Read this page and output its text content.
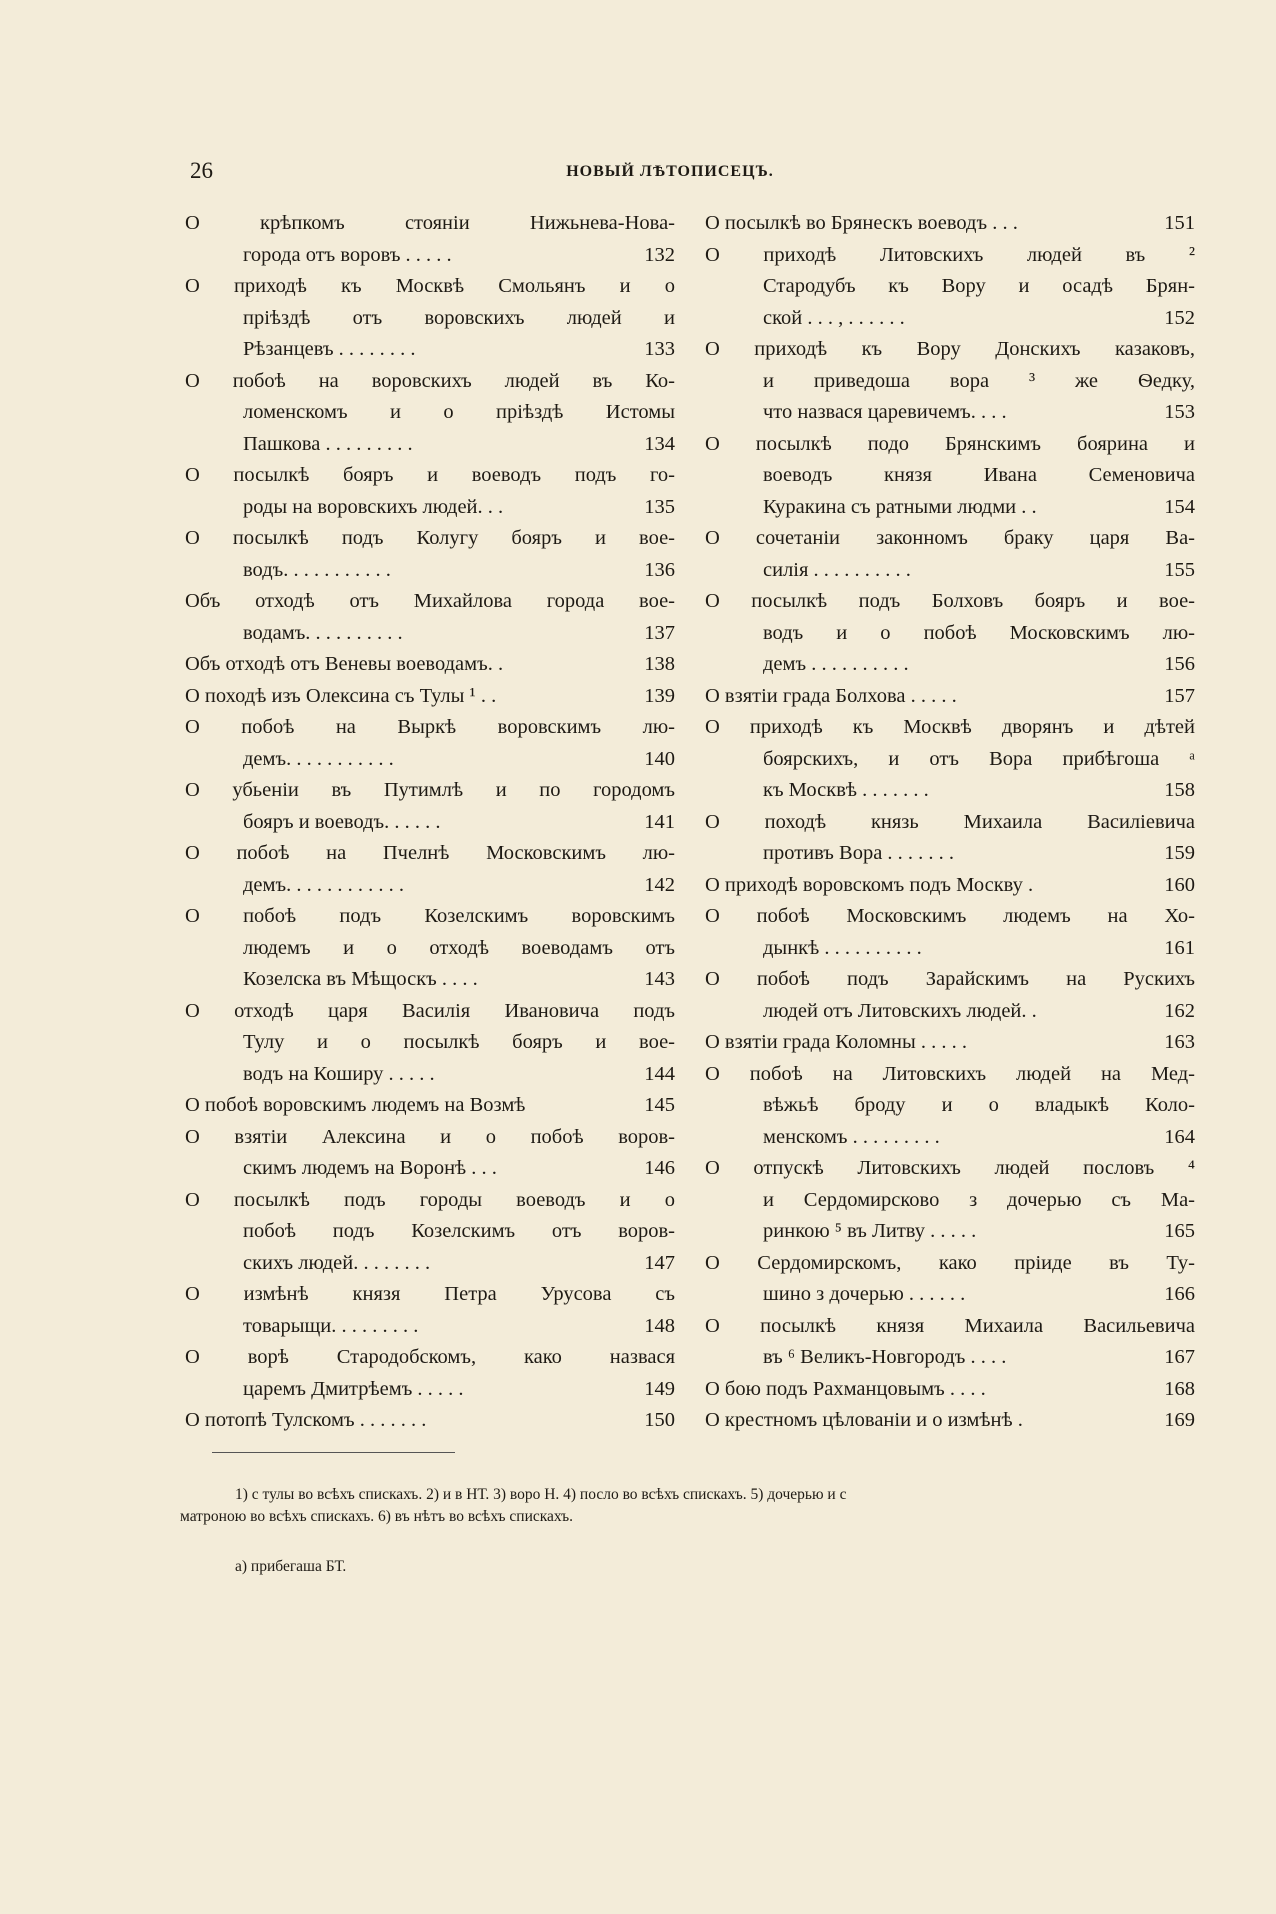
26	НОВЫЙ ЛѢТОПИСЕЦЪ.
О крѣпкомъ стоянiи Нижьнева-Нова-
города отъ воровъ . . . . .	132
О приходѣ къ Москвѣ Смольянъ и о
прiѣздѣ отъ воровскихъ людей и
Рѣзанцевъ . . . . . . . .	133
О побоѣ на воровскихъ людей въ Ко-
ломенскомъ и о прiѣздѣ Истомы
Пашкова . . . . . . . . .	134
О посылкѣ бояръ и воеводъ подъ го-
роды на воровскихъ людей. . .	135
О посылкѣ подъ Колугу бояръ и вое-
водъ. . . . . . . . . . .	136
Объ отходѣ отъ Михайлова города вое-
водамъ. . . . . . . . . .	137
Объ отходѣ отъ Веневы воеводамъ. .	138
О походѣ изъ Олексина съ Тулы ¹ . .	139
О побоѣ на Выркѣ воровскимъ лю-
демъ. . . . . . . . . . .	140
О убьенiи въ Путимлѣ и по городомъ
бояръ и воеводъ. . . . . .	141
О побоѣ на Пчелнѣ Московскимъ лю-
демъ. . . . . . . . . . . .	142
О побоѣ подъ Козелскимъ воровскимъ
людемъ и о отходѣ воеводамъ отъ
Козелска въ Мѣщоскъ . . . .	143
О отходѣ царя Василiя Ивановича подъ
Тулу и о посылкѣ бояръ и вое-
водъ на Коширу . . . . .	144
О побоѣ воровскимъ людемъ на Возмѣ	145
О взятiи Алексина и о побоѣ воров-
скимъ людемъ на Воронѣ . . .	146
О посылкѣ подъ городы воеводъ и о
побоѣ подъ Козелскимъ отъ воров-
скихъ людей. . . . . . . .	147
О измѣнѣ князя Петра Урусова съ
товарыщи. . . . . . . . .	148
О ворѣ Стародобскомъ, како назвася
царемъ Дмитрѣемъ . . . . .	149
О потопѣ Тулскомъ . . . . . . .	150
О посылкѣ во Брянескъ воеводъ . . .	151
О приходѣ Литовскихъ людей въ ²
Стародубъ къ Вору и осадѣ Брян-
ской . . . , . . . . . .	152
О приходѣ къ Вору Донскихъ казаковъ,
и приведоша вора ³ же Ѳедку,
что назвася царевичемъ. . . .	153
О посылкѣ подо Брянскимъ боярина и
воеводъ князя Ивана Семеновича
Куракина съ ратными людми . .	154
О сочетанiи законномъ браку царя Ва-
силiя . . . . . . . . . .	155
О посылкѣ подъ Болховъ бояръ и вое-
водъ и о побоѣ Московскимъ лю-
демъ . . . . . . . . . .	156
О взятiи града Болхова . . . . .	157
О приходѣ къ Москвѣ дворянъ и дѣтей
боярскихъ, и отъ Вора прибѣгоша ᵃ
къ Москвѣ . . . . . . .	158
О походѣ князь Михаила Василiевича
противъ Вора . . . . . . .	159
О приходѣ воровскомъ подъ Москву .	160
О побоѣ Московскимъ людемъ на Хо-
дынкѣ . . . . . . . . . .	161
О побоѣ подъ Зарайскимъ на Рускихъ
людей отъ Литовскихъ людей. .	162
О взятiи града Коломны . . . . .	163
О побоѣ на Литовскихъ людей на Мед-
вѣжьѣ броду и о владыкѣ Коло-
менскомъ . . . . . . . . .	164
О отпускѣ Литовскихъ людей пословъ ⁴
и Сердомирсково з дочерью съ Ма-
ринкою ⁵ въ Литву . . . . .	165
О Сердомирскомъ, како прiиде въ Ту-
шино з дочерью . . . . . .	166
О посылкѣ князя Михаила Васильевича
въ ⁶ Великъ-Новгородъ . . . .	167
О бою подъ Рахманцовымъ . . . .	168
О крестномъ цѣлованiи и о измѣнѣ .	169
1) с тулы во всѣхъ спискахъ. 2) и в НТ. 3) воро Н. 4) посло во всѣхъ спискахъ. 5) дочерью и с
матроною во всѣхъ спискахъ. 6) въ нѣтъ во всѣхъ спискахъ.
а) прибегаша БТ.
